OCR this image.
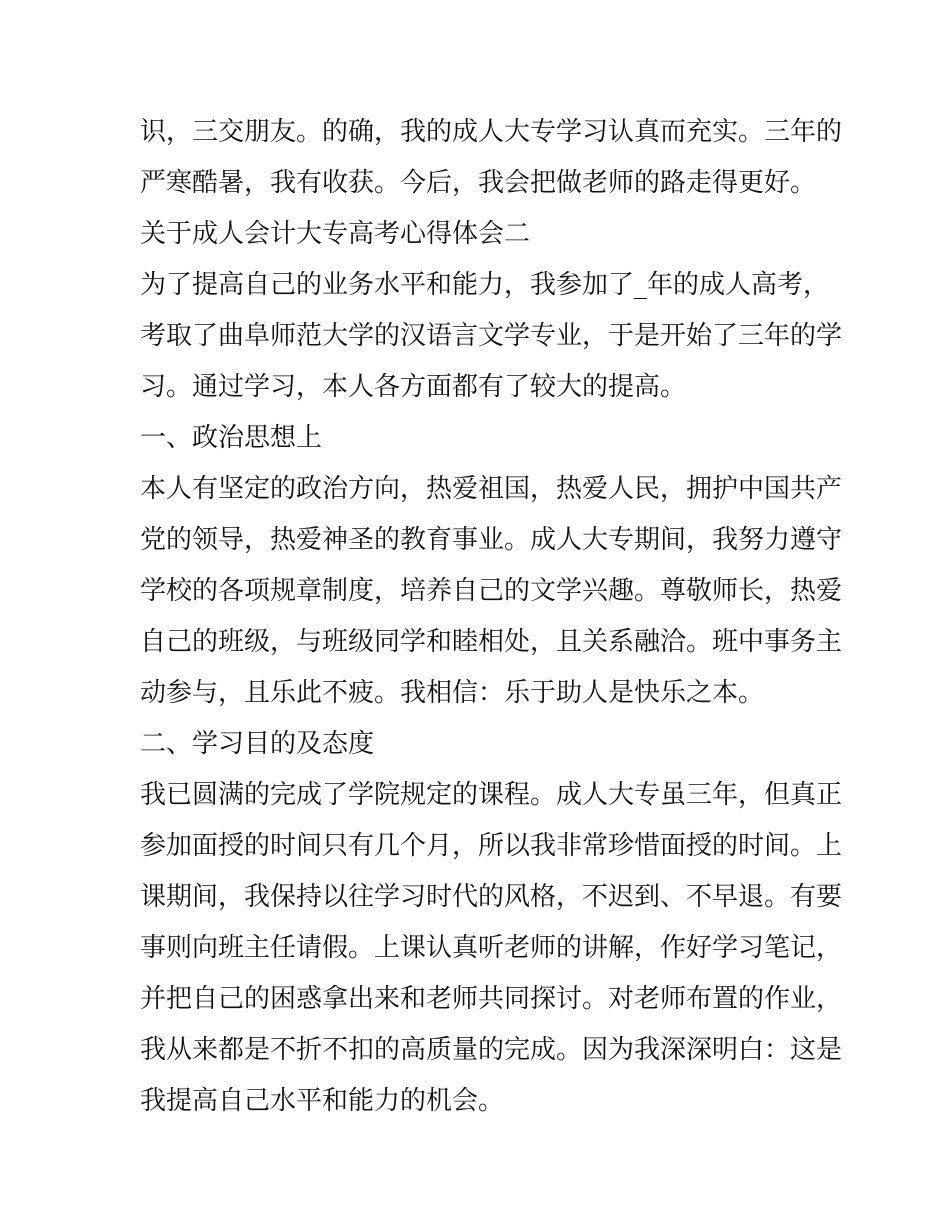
识，三交朋友。的确，我的成人大专学习认真而充实。三年的
严寒酷暑，我有收获。今后，我会把做老师的路走得更好。
关于成人会计大专高考心得体会二
为了提高自己的业务水平和能力，我参加了_年的成人高考，
考取了曲阜师范大学的汉语言文学专业，于是开始了三年的学
习。通过学习，本人各方面都有了较大的提高。
一、政治思想上
本人有坚定的政治方向，热爱祖国，热爱人民，拥护中国共产
党的领导，热爱神圣的教育事业。成人大专期间，我努力遵守
学校的各项规章制度，培养自己的文学兴趣。尊敬师长，热爱
自己的班级，与班级同学和睦相处，且关系融洽。班中事务主
动参与，且乐此不疲。我相信：乐于助人是快乐之本。
二、学习目的及态度
我已圆满的完成了学院规定的课程。成人大专虽三年，但真正
参加面授的时间只有几个月，所以我非常珍惜面授的时间。上
课期间，我保持以往学习时代的风格，不迟到、不早退。有要
事则向班主任请假。上课认真听老师的讲解，作好学习笔记，
并把自己的困惑拿出来和老师共同探讨。对老师布置的作业，
我从来都是不折不扣的高质量的完成。因为我深深明白：这是
我提高自己水平和能力的机会。
